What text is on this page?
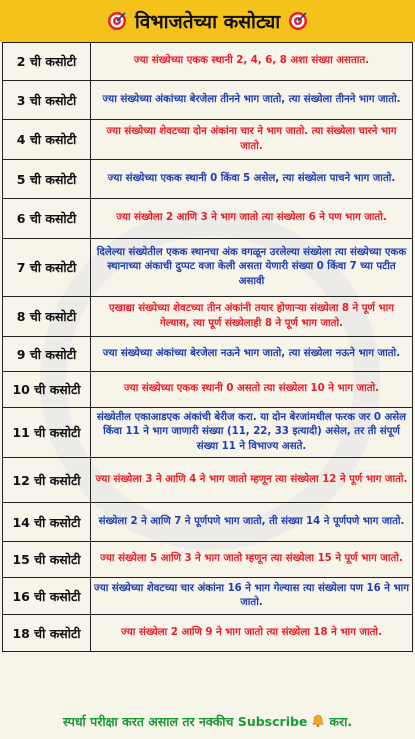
विभाजतेच्या कसोट्या
2 ची कसोटी	ज्या संख्येच्या एकक स्थानी 2, 4, 6, 8 अशा संख्या असतात.
3 ची कसोटी	ज्या संख्येच्या अंकांच्या बेरजेला तीनने भाग जातो, त्या संख्येला तीनने भाग जातो.
4 ची कसोटी	ज्या संख्येच्या शेवटच्या दोन अंकांना चार ने भाग जातो. त्या संख्येला चारने भाग जातो.
5 ची कसोटी	ज्या संख्येच्या एकक स्थानी 0 किंवा 5 असेल, त्या संख्येला पाचने भाग जातो.
6 ची कसोटी	ज्या संख्येला 2 आणि 3 ने भाग जातो त्या संख्येला 6 ने पण भाग जातो.
7 ची कसोटी	दिलेल्या संख्येतील एकक स्थानचा अंक वगळून उरलेल्या संख्येला त्या संख्येच्या एकक स्थानाच्या अंकाची दुप्पट वजा केली असता येणारी संख्या 0 किंवा 7 च्या पटीत असावी
8 ची कसोटी	एखाद्या संख्येच्या शेवटच्या तीन अंकांनी तयार होणाऱ्या संख्येला 8 ने पूर्ण भाग गेल्यास, त्या पूर्ण संख्येलाही 8 ने पूर्ण भाग जातो.
9 ची कसोटी	ज्या संख्येच्या अंकांच्या बेरजेला नऊने भाग जातो, त्या संख्येला नऊने भाग जातो.
10 ची कसोटी	ज्या संख्येच्या एकक स्थानी 0 असतो त्या संख्येला 10 ने भाग जातो.
11 ची कसोटी	संख्येतील एकाआडएक अंकांची बेरीज करा. या दोन बेरजांमधील फरक जर 0 असेल किंवा 11 ने भाग जाणारी संख्या (11, 22, 33 इत्यादी) असेल, तर ती संपूर्ण संख्या 11 ने विभाज्य असते.
12 ची कसोटी	ज्या संख्येला 3 ने आणि 4 ने भाग जातो म्हणून त्या संख्येला 12 ने पूर्ण भाग जातो.
14 ची कसोटी	संख्येला 2 ने आणि 7 ने पूर्णपणे भाग जातो, ती संख्या 14 ने पूर्णपणे भाग जातो.
15 ची कसोटी	ज्या संख्येला 5 आणि 3 ने भाग जातो म्हणून त्या संख्येला 15 ने पूर्ण भाग जातो.
16 ची कसोटी	ज्या संख्येच्या शेवटच्या चार अंकांना 16 ने भाग गेल्यास त्या संख्येला पण 16 ने भाग जातो.
18 ची कसोटी	ज्या संख्येला 2 आणि 9 ने भाग जातो त्या संख्येला 18 ने भाग जातो.
स्पर्धा परीक्षा करत असाल तर नक्कीच Subscribe करा.
